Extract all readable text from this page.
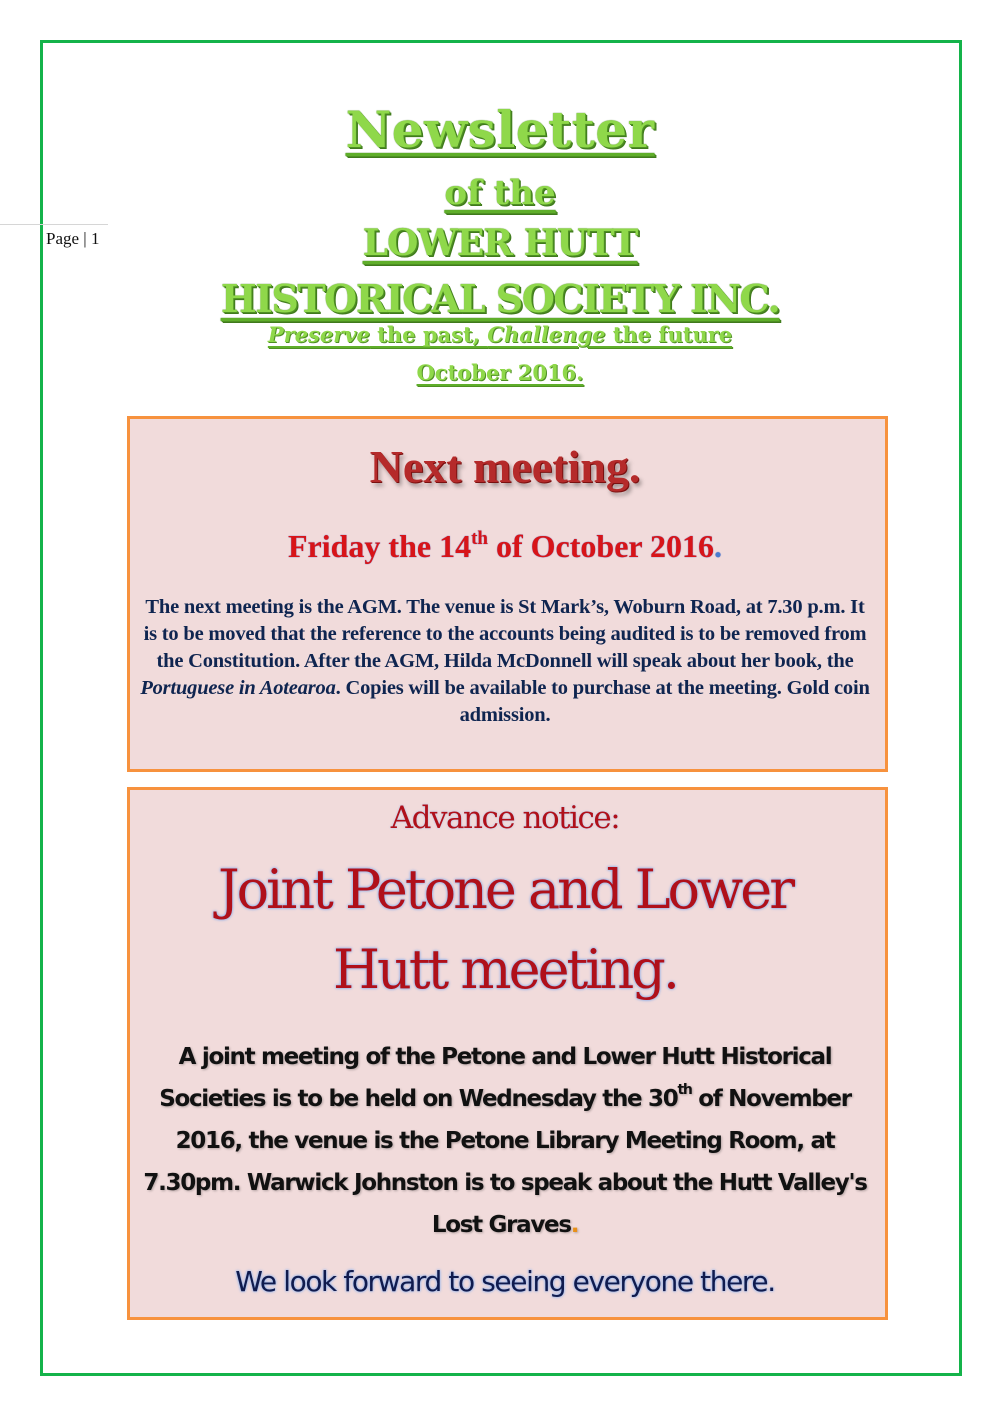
Page | 1
Newsletter
of the
LOWER HUTT
HISTORICAL SOCIETY INC.
Preserve the past, Challenge the future
October 2016.
Next meeting.
Friday the 14th of October 2016.
The next meeting is the AGM. The venue is St Mark’s, Woburn Road, at 7.30 p.m. It is to be moved that the reference to the accounts being audited is to be removed from the Constitution. After the AGM, Hilda McDonnell will speak about her book, the Portuguese in Aotearoa. Copies will be available to purchase at the meeting. Gold coin admission.
Advance notice:
Joint Petone and Lower
Hutt meeting.
A joint meeting of the Petone and Lower Hutt Historical Societies is to be held on Wednesday the 30th of November 2016, the venue is the Petone Library Meeting Room, at 7.30pm. Warwick Johnston is to speak about the Hutt Valley's Lost Graves.
We look forward to seeing everyone there.
